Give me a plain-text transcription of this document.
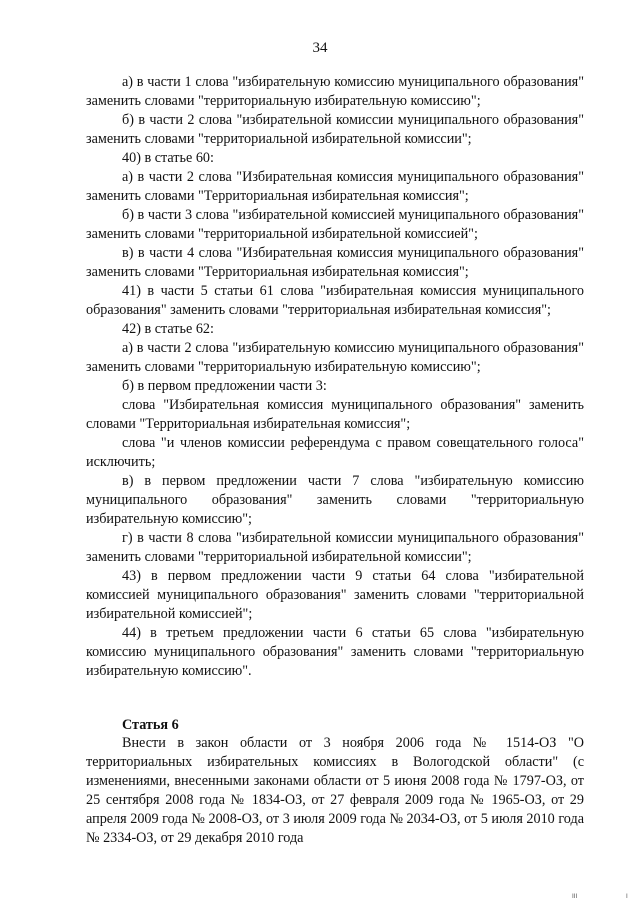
34

а) в части 1 слова "избирательную комиссию муниципального образования" заменить словами "территориальную избирательную комиссию";

б) в части 2 слова "избирательной комиссии муниципального образования" заменить словами "территориальной избирательной комиссии";

40) в статье 60:

а) в части 2 слова "Избирательная комиссия муниципального образования" заменить словами "Территориальная избирательная комиссия";

б) в части 3 слова "избирательной комиссией муниципального образования" заменить словами "территориальной избирательной комиссией";

в) в части 4 слова "Избирательная комиссия муниципального образования" заменить словами "Территориальная избирательная комиссия";

41) в части 5 статьи 61 слова "избирательная комиссия муниципального образования" заменить словами "территориальная избирательная комиссия";

42) в статье 62:

а) в части 2 слова "избирательную комиссию муниципального образования" заменить словами "территориальную избирательную комиссию";

б) в первом предложении части 3:

слова "Избирательная комиссия муниципального образования" заменить словами "Территориальная избирательная комиссия";

слова "и членов комиссии референдума с правом совещательного голоса" исключить;

в) в первом предложении части 7 слова "избирательную комиссию муниципального образования" заменить словами "территориальную избирательную комиссию";

г) в части 8 слова "избирательной комиссии муниципального образования" заменить словами "территориальной избирательной комиссии";

43) в первом предложении части 9 статьи 64 слова "избирательной комиссией муниципального образования" заменить словами "территориальной избирательной комиссией";

44) в третьем предложении части 6 статьи 65 слова "избирательную комиссию муниципального образования" заменить словами "территориальную избирательную комиссию".

Статья 6

Внести в закон области от 3 ноября 2006 года № 1514-ОЗ "О территориальных избирательных комиссиях в Вологодской области" (с изменениями, внесенными законами области от 5 июня 2008 года № 1797-ОЗ, от 25 сентября 2008 года № 1834-ОЗ, от 27 февраля 2009 года № 1965-ОЗ, от 29 апреля 2009 года № 2008-ОЗ, от 3 июля 2009 года № 2034-ОЗ, от 5 июля 2010 года № 2334-ОЗ, от 29 декабря 2010 года

III	I
